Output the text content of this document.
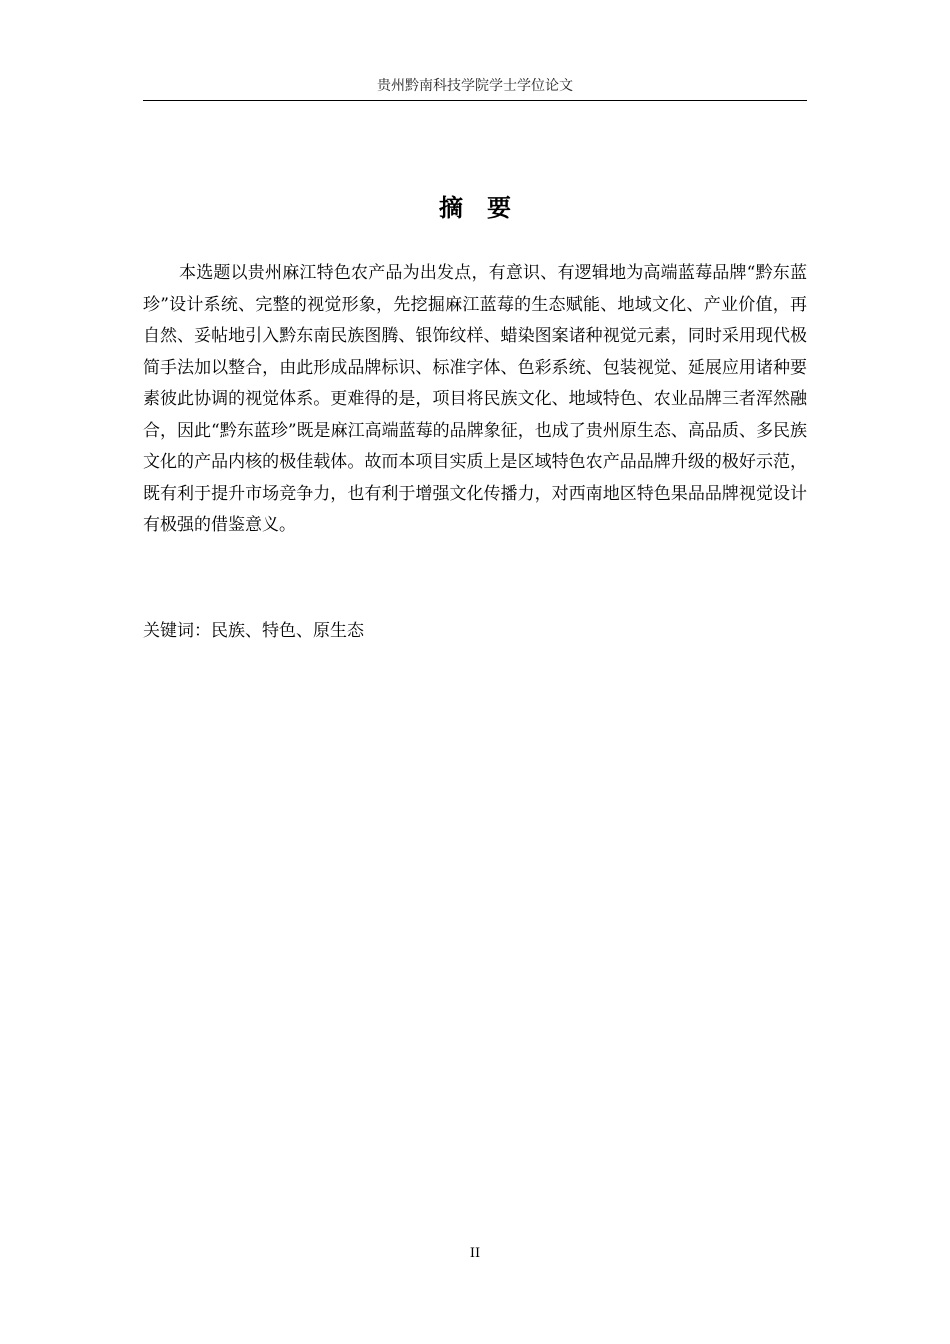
贵州黔南科技学院学士学位论文
摘要

本选题以贵州麻江特色农产品为出发点，有意识、有逻辑地为高端蓝莓品牌“黔东蓝珍”设计系统、完整的视觉形象，先挖掘麻江蓝莓的生态赋能、地域文化、产业价值，再自然、妥帖地引入黔东南民族图腾、银饰纹样、蜡染图案诸种视觉元素，同时采用现代极简手法加以整合，由此形成品牌标识、标准字体、色彩系统、包装视觉、延展应用诸种要素彼此协调的视觉体系。更难得的是，项目将民族文化、地域特色、农业品牌三者浑然融合，因此“黔东蓝珍”既是麻江高端蓝莓的品牌象征，也成了贵州原生态、高品质、多民族文化的产品内核的极佳载体。故而本项目实质上是区域特色农产品品牌升级的极好示范，既有利于提升市场竞争力，也有利于增强文化传播力，对西南地区特色果品品牌视觉设计有极强的借鉴意义。

关键词：民族、特色、原生态
II
